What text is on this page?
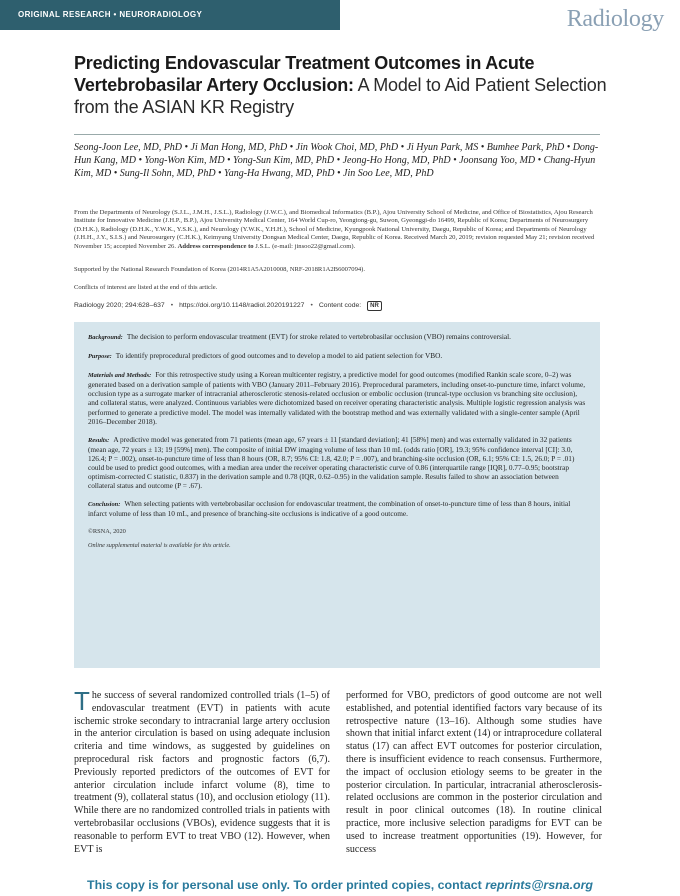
ORIGINAL RESEARCH • NEURORADIOLOGY	Radiology
Predicting Endovascular Treatment Outcomes in Acute Vertebrobasilar Artery Occlusion: A Model to Aid Patient Selection from the ASIAN KR Registry
Seong-Joon Lee, MD, PhD • Ji Man Hong, MD, PhD • Jin Wook Choi, MD, PhD • Ji Hyun Park, MS • Bumhee Park, PhD • Dong-Hun Kang, MD • Yong-Won Kim, MD • Yong-Sun Kim, MD, PhD • Jeong-Ho Hong, MD, PhD • Joonsang Yoo, MD • Chang-Hyun Kim, MD • Sung-Il Sohn, MD, PhD • Yang-Ha Hwang, MD, PhD • Jin Soo Lee, MD, PhD
From the Departments of Neurology (S.J.L., J.M.H., J.S.L.), Radiology (J.W.C.), and Biomedical Informatics (B.P.), Ajou University School of Medicine, and Office of Biostatistics, Ajou Research Institute for Innovative Medicine (J.H.P., B.P.), Ajou University Medical Center, 164 World Cup-ro, Yeongtong-gu, Suwon, Gyeonggi-do 16499, Republic of Korea; Departments of Neurosurgery (D.H.K.), Radiology (D.H.K., Y.W.K., Y.S.K.), and Neurology (Y.W.K., Y.H.H.), School of Medicine, Kyungpook National University, Daegu, Republic of Korea; and Departments of Neurology (J.H.H., J.Y., S.I.S.) and Neurosurgery (C.H.K.), Keimyung University Dongsan Medical Center, Daegu, Republic of Korea. Received March 20, 2019; revision requested May 21; revision received November 15; accepted November 26. Address correspondence to J.S.L. (e-mail: jinsoo22@gmail.com).
Supported by the National Research Foundation of Korea (2014R1A5A2010008, NRF-2018R1A2B6007094).
Conflicts of interest are listed at the end of this article.
Radiology 2020; 294:628–637 • https://doi.org/10.1148/radiol.2020191227 • Content code:	NR

Background: The decision to perform endovascular treatment (EVT) for stroke related to vertebrobasilar occlusion (VBO) remains controversial.

Purpose: To identify preprocedural predictors of good outcomes and to develop a model to aid patient selection for VBO.

Materials and Methods: For this retrospective study using a Korean multicenter registry, a predictive model for good outcomes (modified Rankin scale score, 0–2) was generated based on a derivation sample of patients with VBO (January 2011–February 2016). Preprocedural parameters, including onset-to-puncture time, infarct volume, occlusion type as a surrogate marker of intracranial atherosclerotic stenosis-related occlusion or embolic occlusion (truncal-type occlusion vs branching site occlusion), and collateral status, were analyzed. Continuous variables were dichotomized based on receiver operating characteristic analysis. Multiple logistic regression analysis was performed to generate a predictive model. The model was internally validated with the bootstrap method and was externally validated with a single-center sample (April 2016–December 2018).

Results: A predictive model was generated from 71 patients (mean age, 67 years ± 11 [standard deviation]; 41 [58%] men) and was externally validated in 32 patients (mean age, 72 years ± 13; 19 [59%] men). The composite of initial DW imaging volume of less than 10 mL (odds ratio [OR], 19.3; 95% confidence interval [CI]: 3.0, 126.4; P = .002), onset-to-puncture time of less than 8 hours (OR, 8.7; 95% CI: 1.8, 42.0; P = .007), and branching-site occlusion (OR, 6.1; 95% CI: 1.5, 26.0; P = .01) could be used to predict good outcomes, with a median area under the receiver operating characteristic curve of 0.86 (interquartile range [IQR], 0.77–0.95; bootstrap optimism-corrected C statistic, 0.837) in the derivation sample and 0.78 (IQR, 0.62–0.95) in the validation sample. Results failed to show an association between collateral status and outcome (P = .67).

Conclusion: When selecting patients with vertebrobasilar occlusion for endovascular treatment, the combination of onset-to-puncture time of less than 8 hours, initial infarct volume of less than 10 mL, and presence of branching-site occlusions is indicative of a good outcome.

©RSNA, 2020

Online supplemental material is available for this article.

The success of several randomized controlled trials (1–5) of endovascular treatment (EVT) in patients with acute ischemic stroke secondary to intracranial large artery occlusion in the anterior circulation is based on using adequate inclusion criteria and time windows, as suggested by guidelines on preprocedural risk factors and prognostic factors (6,7). Previously reported predictors of the outcomes of EVT for anterior circulation include infarct volume (8), time to treatment (9), collateral status (10), and occlusion etiology (11). While there are no randomized controlled trials in patients with vertebrobasilar occlusions (VBOs), evidence suggests that it is reasonable to perform EVT to treat VBO (12). However, when EVT is
performed for VBO, predictors of good outcome are not well established, and potential identified factors vary because of its retrospective nature (13–16). Although some studies have shown that initial infarct extent (14) or intraprocedure collateral status (17) can affect EVT outcomes for posterior circulation, there is insufficient evidence to reach consensus. Furthermore, the impact of occlusion etiology seems to be greater in the posterior circulation. In particular, intracranial atherosclerosis-related occlusions are common in the posterior circulation and result in poor clinical outcomes (18). In routine clinical practice, more inclusive selection paradigms for EVT can be used to increase treatment opportunities (19). However, for success
This copy is for personal use only. To order printed copies, contact reprints@rsna.org
